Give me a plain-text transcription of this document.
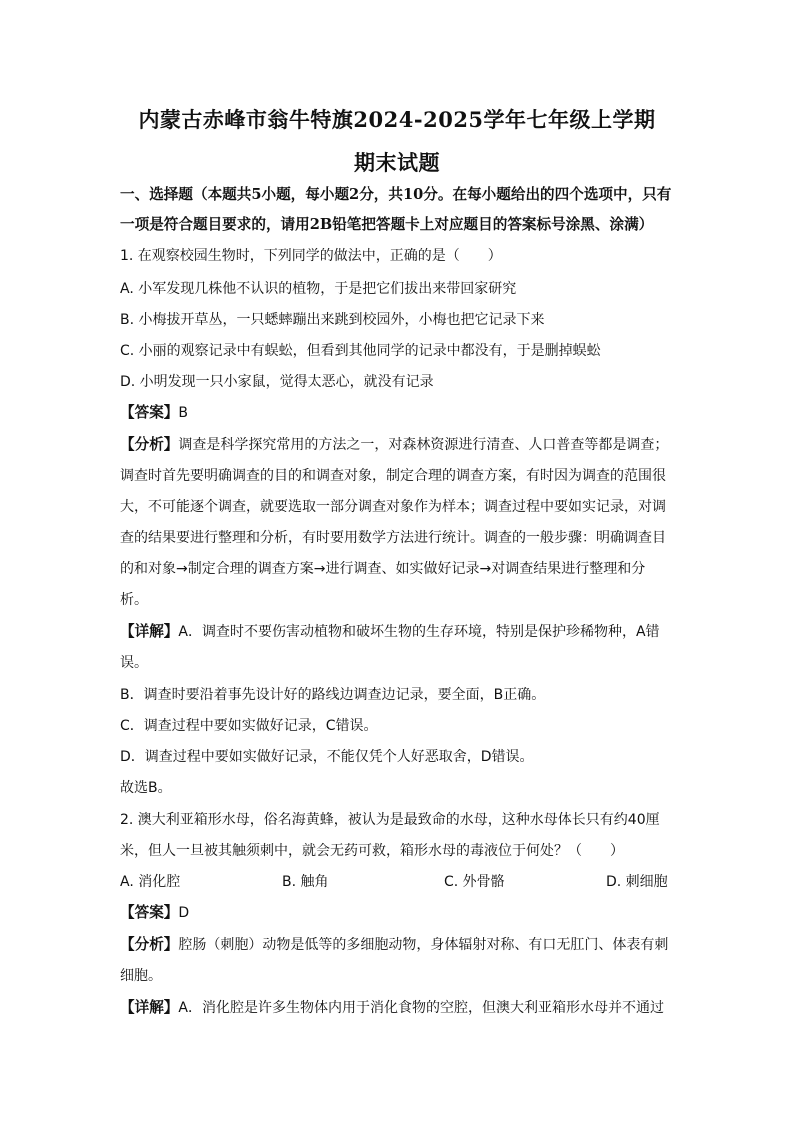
内蒙古赤峰市翁牛特旗2024-2025学年七年级上学期
期末试题
一、选择题（本题共5小题，每小题2分，共10分。在每小题给出的四个选项中，只有
一项是符合题目要求的，请用2B铅笔把答题卡上对应题目的答案标号涂黑、涂满）
1. 在观察校园生物时，下列同学的做法中，正确的是（　　）
A. 小军发现几株他不认识的植物，于是把它们拔出来带回家研究
B. 小梅拔开草丛，一只蟋蟀蹦出来跳到校园外，小梅也把它记录下来
C. 小丽的观察记录中有蜈蚣，但看到其他同学的记录中都没有，于是删掉蜈蚣
D. 小明发现一只小家鼠，觉得太恶心，就没有记录
【答案】B
【分析】调查是科学探究常用的方法之一，对森林资源进行清查、人口普查等都是调查；
调查时首先要明确调查的目的和调查对象，制定合理的调查方案，有时因为调查的范围很
大，不可能逐个调查，就要选取一部分调查对象作为样本；调查过程中要如实记录，对调
查的结果要进行整理和分析，有时要用数学方法进行统计。调查的一般步骤：明确调查目
的和对象→制定合理的调查方案→进行调查、如实做好记录→对调查结果进行整理和分
析。
【详解】A．调查时不要伤害动植物和破坏生物的生存环境，特别是保护珍稀物种，A错
误。
B．调查时要沿着事先设计好的路线边调查边记录，要全面，B正确。
C．调查过程中要如实做好记录，C错误。
D．调查过程中要如实做好记录，不能仅凭个人好恶取舍，D错误。
故选B。
2. 澳大利亚箱形水母，俗名海黄蜂，被认为是最致命的水母，这种水母体长只有约40厘
米，但人一旦被其触须刺中，就会无药可救，箱形水母的毒液位于何处？（　　）
A. 消化腔	B. 触角	C. 外骨骼	D. 刺细胞
【答案】D
【分析】腔肠（刺胞）动物是低等的多细胞动物，身体辐射对称、有口无肛门、体表有刺
细胞。
【详解】A．消化腔是许多生物体内用于消化食物的空腔，但澳大利亚箱形水母并不通过
